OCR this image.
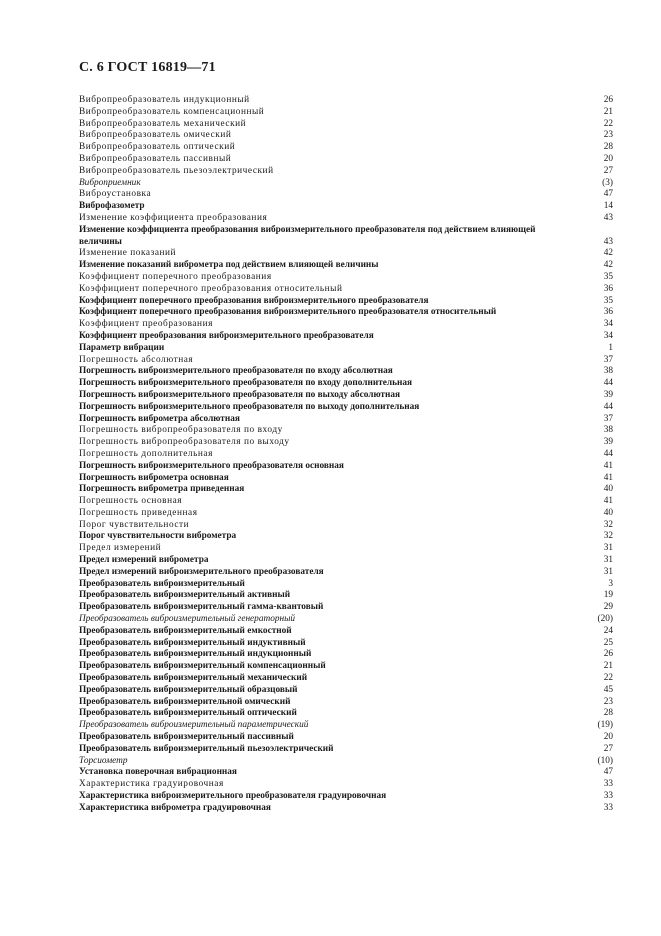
С. 6 ГОСТ 16819—71
Вибропреобразователь индукционный	26
Вибропреобразователь компенсационный	21
Вибропреобразователь механический	22
Вибропреобразователь омический	23
Вибропреобразователь оптический	28
Вибропреобразователь пассивный	20
Вибропреобразователь пьезоэлектрический	27
Виброприемник	(3)
Виброустановка	47
Виброфазометр	14
Изменение коэффициента преобразования	43
Изменение коэффициента преобразования виброизмерительного преобразователя под действием влияющей величины	43
Изменение показаний	42
Изменение показаний виброметра под действием влияющей величины	42
Коэффициент поперечного преобразования	35
Коэффициент поперечного преобразования относительный	36
Коэффициент поперечного преобразования виброизмерительного преобразователя	35
Коэффициент поперечного преобразования виброизмерительного преобразователя относительный	36
Коэффициент преобразования	34
Коэффициент преобразования виброизмерительного преобразователя	34
Параметр вибрации	1
Погрешность абсолютная	37
Погрешность виброизмерительного преобразователя по входу абсолютная	38
Погрешность виброизмерительного преобразователя по входу дополнительная	44
Погрешность виброизмерительного преобразователя по выходу абсолютная	39
Погрешность виброизмерительного преобразователя по выходу дополнительная	44
Погрешность виброметра абсолютная	37
Погрешность вибропреобразователя по входу	38
Погрешность вибропреобразователя по выходу	39
Погрешность дополнительная	44
Погрешность виброизмерительного преобразователя основная	41
Погрешность виброметра основная	41
Погрешность виброметра приведенная	40
Погрешность основная	41
Погрешность приведенная	40
Порог чувствительности	32
Порог чувствительности виброметра	32
Предел измерений	31
Предел измерений виброметра	31
Предел измерений виброизмерительного преобразователя	31
Преобразователь виброизмерительный	3
Преобразователь виброизмерительный активный	19
Преобразователь виброизмерительный гамма-квантовый	29
Преобразователь виброизмерительный генераторный	(20)
Преобразователь виброизмерительный емкостной	24
Преобразователь виброизмерительный индуктивный	25
Преобразователь виброизмерительный индукционный	26
Преобразователь виброизмерительный компенсационный	21
Преобразователь виброизмерительный механический	22
Преобразователь виброизмерительный образцовый	45
Преобразователь виброизмерительной омический	23
Преобразователь виброизмерительный оптический	28
Преобразователь виброизмерительный параметрический	(19)
Преобразователь виброизмерительный пассивный	20
Преобразователь виброизмерительный пьезоэлектрический	27
Торсиометр	(10)
Установка поверочная вибрационная	47
Характеристика градуировочная	33
Характеристика виброизмерительного преобразователя градуировочная	33
Характеристика виброметра градуировочная	33
